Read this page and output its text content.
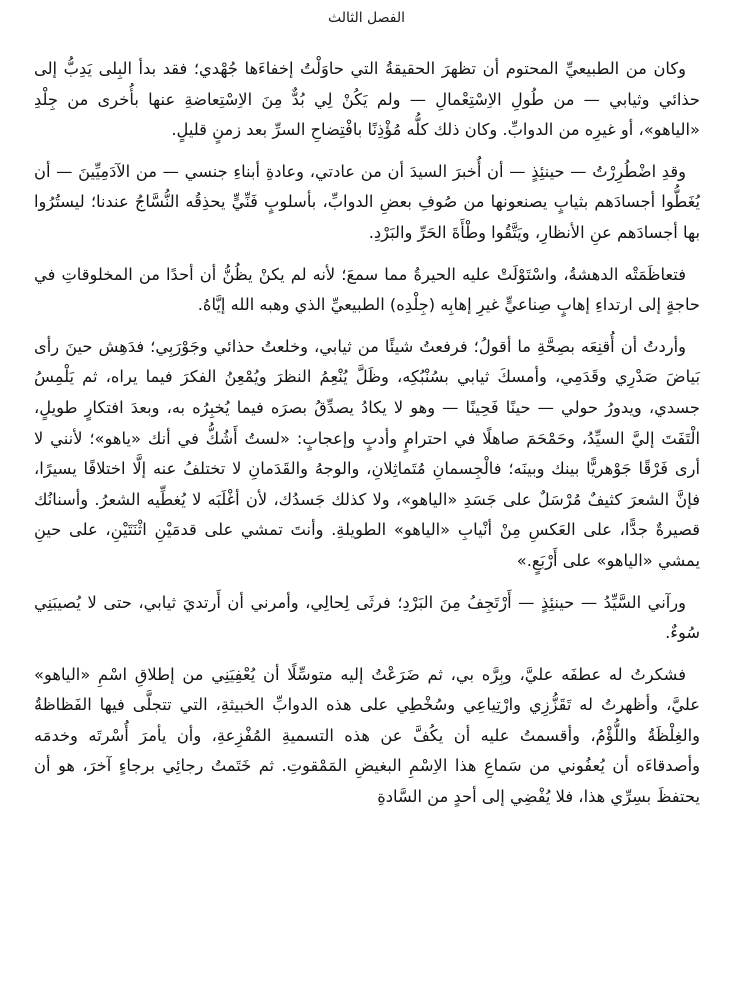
الفصل الثالث

وكان من الطبيعيِّ المحتوم أن تظهرَ الحقيقةُ التي حاوَلْتُ إخفاءَها جُهْدي؛ فقد بدأ البِلى يَدِبُّ إلى حذائي وثيابي — من طُولِ الاِسْتِعْمالِ — ولم يَكُنْ لِي بُدٌّ مِنَ الاِسْتِعاضةِ عنها بأُخرى من جِلْدِ «الياهو»، أو غيرِه من الدوابِّ. وكان ذلك كلُّه مُؤْذِنًا بافْتِضاحِ السرِّ بعد زمنٍ قليلٍ.

وقدِ اضْطُرِرْتُ — حينئِذٍ — أن أُخبرَ السيدَ أن من عادتي، وعادةِ أبناءِ جنسي — من الآدَمِيِّينَ — أن يُغَطُّوا أجسادَهم بثيابٍ يصنعونها من صُوفِ بعضِ الدوابِّ، بأسلوبٍ فَنِّيٍّ يحذِقُه النُّسَّاجُ عندنا؛ ليستُرُوا بها أجسادَهم عنِ الأنظارِ، ويَتَّقُوا وطْأَةَ الحَرِّ والبَرْدِ.

فتعاظَمَتْه الدهشةُ، واسْتَوْلَتْ عليه الحيرةُ مما سمعَ؛ لأنه لم يكنْ يظُنُّ أن أحدًا من المخلوقاتِ في حاجةٍ إلى ارتداءِ إهابٍ صِناعيٍّ غيرِ إهابِه (جِلْدِه) الطبيعيِّ الذي وهبه الله إيَّاهُ.

وأردتُ أن أُقنِعَه بصِحَّةِ ما أقولُ؛ فرفعتُ شيئًا من ثيابي، وخلعتُ حذائي وجَوْرَبِي؛ فدَهِش حينَ رأى بَياضَ صَدْرِي وقَدَمِي، وأمسكَ ثيابي بسُنْبُكِه، وظَلَّ يُنْعِمُ النظرَ ويُمْعِنُ الفكرَ فيما يراه، ثم يَلْمِسُ جسدي، ويدورُ حولي — حينًا فَحِينًا — وهو لا يكادُ يصدِّقُ بصرَه فيما يُخبِرُه به، وبعدَ افتكارٍ طويلٍ، الْتَفَتَ إليَّ السيِّدُ، وحَمْحَمَ صاهلًا في احترامٍ وأدبٍ وإعجابٍ: «لستُ أَشُكُّ في أنك «ياهو»؛ لأنني لا أرى فَرْقًا جَوْهريًّا بينك وبينَه؛ فالْجِسمانِ مُتَماثِلانِ، والوجهُ والقَدَمانِ لا تختلفُ عنه إلَّا اختلافًا يسيرًا، فإنَّ الشعرَ كثيفٌ مُرْسَلٌ على جَسَدِ «الياهو»، ولا كذلك جَسدُك، لأن أغْلَبَه لا يُغطِّيه الشعرُ. وأسنانُك قصيرةٌ جدًّا، على العَكسِ مِنْ أنْيابِ «الياهو» الطويلةِ. وأنتَ تمشي على قدمَيْنِ اثْنَتَيْنِ، على حينِ يمشي «الياهو» على أَرْبَعٍ.»

ورآني السَّيِّدُ — حينئِذٍ — أَرْتَجِفُ مِنَ البَرْدِ؛ فرثَى لِحالِي، وأمرني أن أَرتديَ ثيابي، حتى لا يُصيبَنِي سُوءٌ.

فشكرتُ له عطفَه عليَّ، وبِرَّه بي، ثم ضَرَعْتُ إليه متوسِّلًا أن يُعْفِيَنِي من إطلاقِ اسْمِ «الياهو» عليَّ، وأظهرتُ له تَقَزُّزِي وارْتِياعِي وسُخْطِي على هذه الدوابِّ الخبيثةِ، التي تتجلَّى فيها الفَظاظةُ والغِلْظَةُ واللُّؤْمُ، وأقسمتُ عليه أن يكُفَّ عن هذه التسميةِ المُفْزِعةِ، وأن يأمرَ أُسْرتَه وخدمَه وأصدقاءَه أن يُعفُوني من سَماعِ هذا الاِسْمِ البغيضِ المَمْقوتِ. ثم خَتَمتُ رجائِي برجاءٍ آخرَ، هو أن يحتفظَ بسِرِّي هذا، فلا يُفْضِي إلى أحدٍ من السَّادةِ
